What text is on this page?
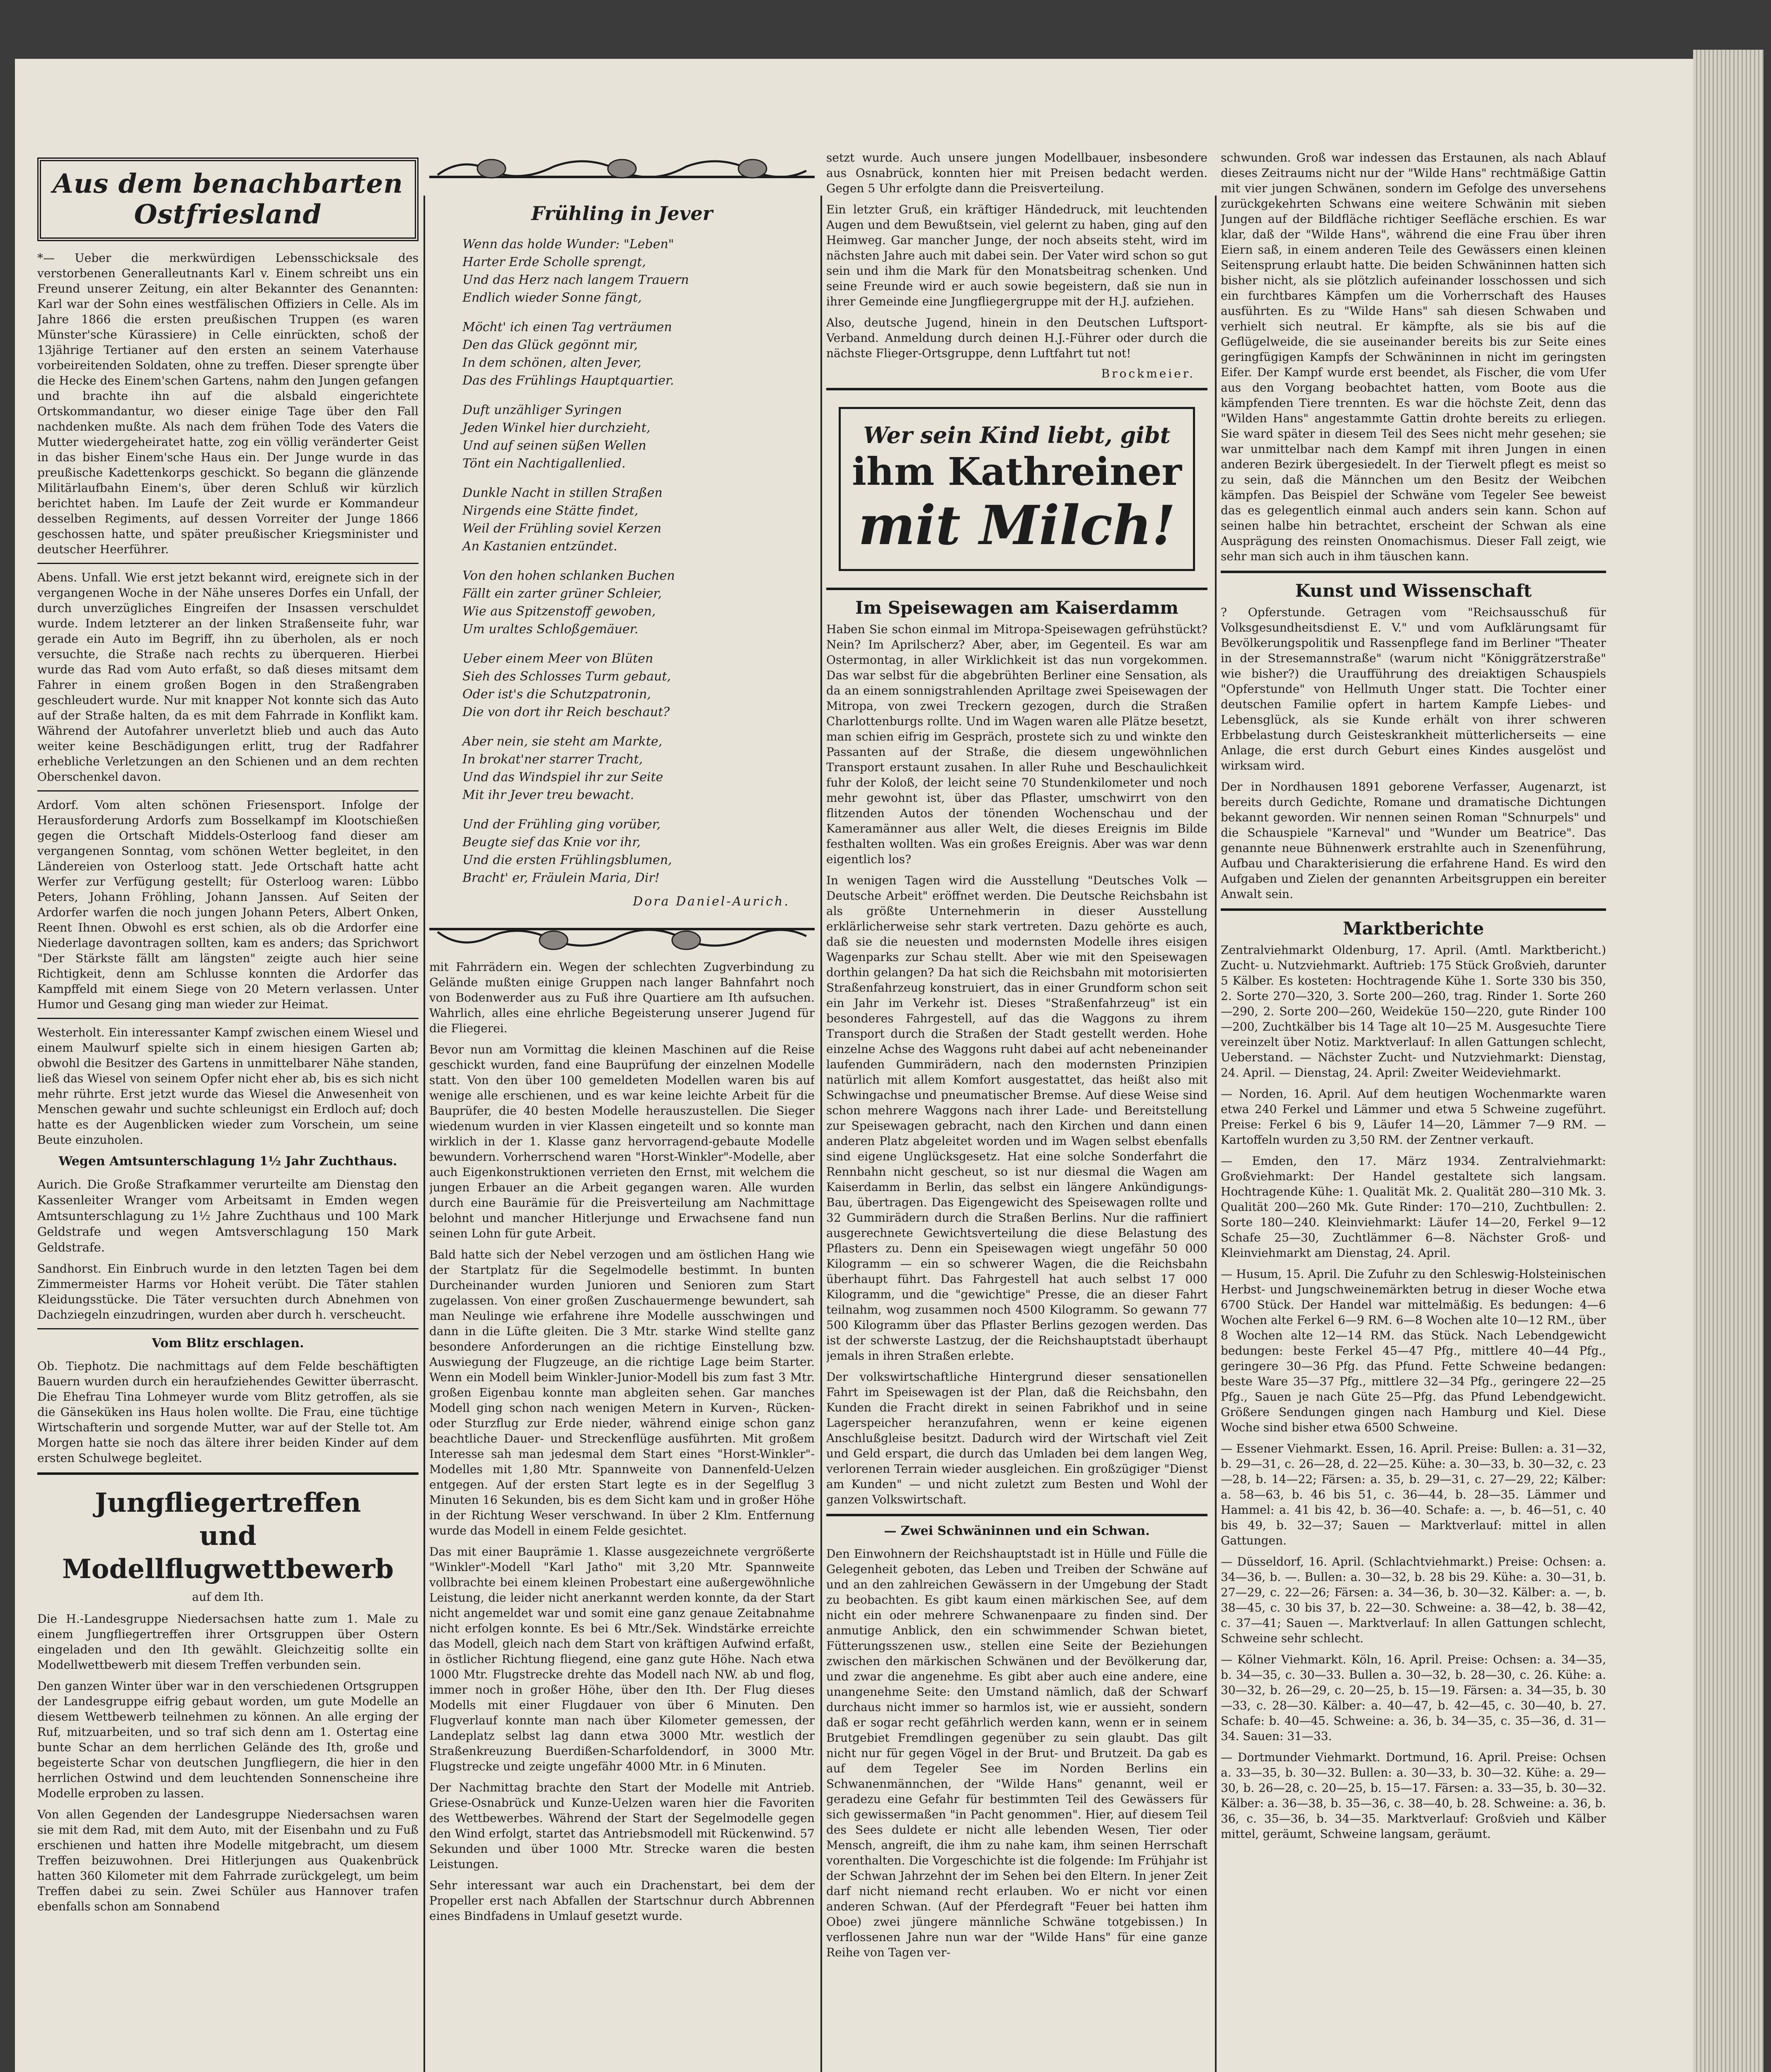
Aus dem benachbarten
Ostfriesland

*— Ueber die merkwürdigen Lebensschicksale des verstorbenen Generalleutnants Karl v. Einem schreibt uns ein Freund unserer Zeitung, ein alter Bekannter des Genannten: Karl war der Sohn eines westfälischen Offiziers in Celle. Als im Jahre 1866 die ersten preußischen Truppen (es waren Münster'sche Kürassiere) in Celle einrückten, schoß der 13jährige Tertianer auf den ersten an seinem Vaterhause vorbeireitenden Soldaten, ohne zu treffen. Dieser sprengte über die Hecke des Einem'schen Gartens, nahm den Jungen gefangen und brachte ihn auf die alsbald eingerichtete Ortskommandantur, wo dieser einige Tage über den Fall nachdenken mußte. Als nach dem frühen Tode des Vaters die Mutter wiedergeheiratet hatte, zog ein völlig veränderter Geist in das bisher Einem'sche Haus ein. Der Junge wurde in das preußische Kadettenkorps geschickt. So begann die glänzende Militärlaufbahn Einem's, über deren Schluß wir kürzlich berichtet haben. Im Laufe der Zeit wurde er Kommandeur desselben Regiments, auf dessen Vorreiter der Junge 1866 geschossen hatte, und später preußischer Kriegsminister und deutscher Heerführer.

Abens. Unfall. Wie erst jetzt bekannt wird, ereignete sich in der vergangenen Woche in der Nähe unseres Dorfes ein Unfall, der durch unverzügliches Eingreifen der Insassen verschuldet wurde. Indem letzterer an der linken Straßenseite fuhr, war gerade ein Auto im Begriff, ihn zu überholen, als er noch versuchte, die Straße nach rechts zu überqueren. Hierbei wurde das Rad vom Auto erfaßt, so daß dieses mitsamt dem Fahrer in einem großen Bogen in den Straßengraben geschleudert wurde. Nur mit knapper Not konnte sich das Auto auf der Straße halten, da es mit dem Fahrrade in Konflikt kam. Während der Autofahrer unverletzt blieb und auch das Auto weiter keine Beschädigungen erlitt, trug der Radfahrer erhebliche Verletzungen an den Schienen und an dem rechten Oberschenkel davon.

Ardorf. Vom alten schönen Friesensport. Infolge der Herausforderung Ardorfs zum Bosselkampf im Klootschießen gegen die Ortschaft Middels-Osterloog fand dieser am vergangenen Sonntag, vom schönen Wetter begleitet, in den Ländereien von Osterloog statt. Jede Ortschaft hatte acht Werfer zur Verfügung gestellt; für Osterloog waren: Lübbo Peters, Johann Fröhling, Johann Janssen. Auf Seiten der Ardorfer warfen die noch jungen Johann Peters, Albert Onken, Reent Ihnen. Obwohl es erst schien, als ob die Ardorfer eine Niederlage davontragen sollten, kam es anders; das Sprichwort "Der Stärkste fällt am längsten" zeigte auch hier seine Richtigkeit, denn am Schlusse konnten die Ardorfer das Kampffeld mit einem Siege von 20 Metern verlassen. Unter Humor und Gesang ging man wieder zur Heimat.

Westerholt. Ein interessanter Kampf zwischen einem Wiesel und einem Maulwurf spielte sich in einem hiesigen Garten ab; obwohl die Besitzer des Gartens in unmittelbarer Nähe standen, ließ das Wiesel von seinem Opfer nicht eher ab, bis es sich nicht mehr rührte. Erst jetzt wurde das Wiesel die Anwesenheit von Menschen gewahr und suchte schleunigst ein Erdloch auf; doch hatte es der Augenblicken wieder zum Vorschein, um seine Beute einzuholen.

Wegen Amtsunterschlagung 1½ Jahr Zuchthaus.

Aurich. Die Große Strafkammer verurteilte am Dienstag den Kassenleiter Wranger vom Arbeitsamt in Emden wegen Amtsunterschlagung zu 1½ Jahre Zuchthaus und 100 Mark Geldstrafe und wegen Amtsverschlagung 150 Mark Geldstrafe.

Sandhorst. Ein Einbruch wurde in den letzten Tagen bei dem Zimmermeister Harms vor Hoheit verübt. Die Täter stahlen Kleidungsstücke. Die Täter versuchten durch Abnehmen von Dachziegeln einzudringen, wurden aber durch h. verscheucht.

Vom Blitz erschlagen.

Ob. Tiephotz. Die nachmittags auf dem Felde beschäftigten Bauern wurden durch ein heraufziehendes Gewitter überrascht. Die Ehefrau Tina Lohmeyer wurde vom Blitz getroffen, als sie die Gänseküken ins Haus holen wollte. Die Frau, eine tüchtige Wirtschafterin und sorgende Mutter, war auf der Stelle tot. Am Morgen hatte sie noch das ältere ihrer beiden Kinder auf dem ersten Schulwege begleitet.

Jungfliegertreffen
und Modellflugwettbewerb
auf dem Ith.

Die H.-Landesgruppe Niedersachsen hatte zum 1. Male zu einem Jungfliegertreffen ihrer Ortsgruppen über Ostern eingeladen und den Ith gewählt. Gleichzeitig sollte ein Modellwettbewerb mit diesem Treffen verbunden sein.

Den ganzen Winter über war in den verschiedenen Ortsgruppen der Landesgruppe eifrig gebaut worden, um gute Modelle an diesem Wettbewerb teilnehmen zu können. An alle erging der Ruf, mitzuarbeiten, und so traf sich denn am 1. Ostertag eine bunte Schar an dem herrlichen Gelände des Ith, große und begeisterte Schar von deutschen Jungfliegern, die hier in den herrlichen Ostwind und dem leuchtenden Sonnenscheine ihre Modelle erproben zu lassen.

Von allen Gegenden der Landesgruppe Niedersachsen waren sie mit dem Rad, mit dem Auto, mit der Eisenbahn und zu Fuß erschienen und hatten ihre Modelle mitgebracht, um diesem Treffen beizuwohnen. Drei Hitlerjungen aus Quakenbrück hatten 360 Kilometer mit dem Fahrrade zurückgelegt, um beim Treffen dabei zu sein. Zwei Schüler aus Hannover trafen ebenfalls schon am Sonnabend

Frühling in Jever
Wenn das holde Wunder: "Leben"
Harter Erde Scholle sprengt,
Und das Herz nach langem Trauern
Endlich wieder Sonne fängt,
Möcht' ich einen Tag verträumen
Den das Glück gegönnt mir,
In dem schönen, alten Jever,
Das des Frühlings Hauptquartier.
Duft unzähliger Syringen
Jeden Winkel hier durchzieht,
Und auf seinen süßen Wellen
Tönt ein Nachtigallenlied.
Dunkle Nacht in stillen Straßen
Nirgends eine Stätte findet,
Weil der Frühling soviel Kerzen
An Kastanien entzündet.
Von den hohen schlanken Buchen
Fällt ein zarter grüner Schleier,
Wie aus Spitzenstoff gewoben,
Um uraltes Schloßgemäuer.
Ueber einem Meer von Blüten
Sieh des Schlosses Turm gebaut,
Oder ist's die Schutzpatronin,
Die von dort ihr Reich beschaut?
Aber nein, sie steht am Markte,
In brokat'ner starrer Tracht,
Und das Windspiel ihr zur Seite
Mit ihr Jever treu bewacht.
Und der Frühling ging vorüber,
Beugte sief das Knie vor ihr,
Und die ersten Frühlingsblumen,
Bracht' er, Fräulein Maria, Dir!
Dora Daniel-Aurich.

mit Fahrrädern ein. Wegen der schlechten Zugverbindung zu Gelände mußten einige Gruppen nach langer Bahnfahrt noch von Bodenwerder aus zu Fuß ihre Quartiere am Ith aufsuchen. Wahrlich, alles eine ehrliche Begeisterung unserer Jugend für die Fliegerei.

Bevor nun am Vormittag die kleinen Maschinen auf die Reise geschickt wurden, fand eine Bauprüfung der einzelnen Modelle statt. Von den über 100 gemeldeten Modellen waren bis auf wenige alle erschienen, und es war keine leichte Arbeit für die Bauprüfer, die 40 besten Modelle herauszustellen. Die Sieger wiedenum wurden in vier Klassen eingeteilt und so konnte man wirklich in der 1. Klasse ganz hervorragend-gebaute Modelle bewundern. Vorherrschend waren "Horst-Winkler"-Modelle, aber auch Eigenkonstruktionen verrieten den Ernst, mit welchem die jungen Erbauer an die Arbeit gegangen waren. Alle wurden durch eine Baurämie für die Preisverteilung am Nachmittage belohnt und mancher Hitlerjunge und Erwachsene fand nun seinen Lohn für gute Arbeit.

Bald hatte sich der Nebel verzogen und am östlichen Hang wie der Startplatz für die Segelmodelle bestimmt. In bunten Durcheinander wurden Junioren und Senioren zum Start zugelassen. Von einer großen Zuschauermenge bewundert, sah man Neulinge wie erfahrene ihre Modelle ausschwingen und dann in die Lüfte gleiten. Die 3 Mtr. starke Wind stellte ganz besondere Anforderungen an die richtige Einstellung bzw. Auswiegung der Flugzeuge, an die richtige Lage beim Starter. Wenn ein Modell beim Winkler-Junior-Modell bis zum fast 3 Mtr. großen Eigenbau konnte man abgleiten sehen. Gar manches Modell ging schon nach wenigen Metern in Kurven-, Rücken- oder Sturzflug zur Erde nieder, während einige schon ganz beachtliche Dauer- und Streckenflüge ausführten. Mit großem Interesse sah man jedesmal dem Start eines "Horst-Winkler"-Modelles mit 1,80 Mtr. Spannweite von Dannenfeld-Uelzen entgegen. Auf der ersten Start legte es in der Segelflug 3 Minuten 16 Sekunden, bis es dem Sicht kam und in großer Höhe in der Richtung Weser verschwand. In über 2 Klm. Entfernung wurde das Modell in einem Felde gesichtet.

Das mit einer Bauprämie 1. Klasse ausgezeichnete vergrößerte "Winkler"-Modell "Karl Jatho" mit 3,20 Mtr. Spannweite vollbrachte bei einem kleinen Probestart eine außergewöhnliche Leistung, die leider nicht anerkannt werden konnte, da der Start nicht angemeldet war und somit eine ganz genaue Zeitabnahme nicht erfolgen konnte. Es bei 6 Mtr./Sek. Windstärke erreichte das Modell, gleich nach dem Start von kräftigen Aufwind erfaßt, in östlicher Richtung fliegend, eine ganz gute Höhe. Nach etwa 1000 Mtr. Flugstrecke drehte das Modell nach NW. ab und flog, immer noch in großer Höhe, über den Ith. Der Flug dieses Modells mit einer Flugdauer von über 6 Minuten. Den Flugverlauf konnte man nach über Kilometer gemessen, der Landeplatz selbst lag dann etwa 3000 Mtr. westlich der Straßenkreuzung Buerdißen-Scharfoldendorf, in 3000 Mtr. Flugstrecke und zeigte ungefähr 4000 Mtr. in 6 Minuten.

Der Nachmittag brachte den Start der Modelle mit Antrieb. Griese-Osnabrück und Kunze-Uelzen waren hier die Favoriten des Wettbewerbes. Während der Start der Segelmodelle gegen den Wind erfolgt, startet das Antriebsmodell mit Rückenwind. 57 Sekunden und über 1000 Mtr. Strecke waren die besten Leistungen.

Sehr interessant war auch ein Drachenstart, bei dem der Propeller erst nach Abfallen der Startschnur durch Abbrennen eines Bindfadens in Umlauf gesetzt wurde.

setzt wurde. Auch unsere jungen Modellbauer, insbesondere aus Osnabrück, konnten hier mit Preisen bedacht werden. Gegen 5 Uhr erfolgte dann die Preisverteilung.

Ein letzter Gruß, ein kräftiger Händedruck, mit leuchtenden Augen und dem Bewußtsein, viel gelernt zu haben, ging auf den Heimweg. Gar mancher Junge, der noch abseits steht, wird im nächsten Jahre auch mit dabei sein. Der Vater wird schon so gut sein und ihm die Mark für den Monatsbeitrag schenken. Und seine Freunde wird er auch sowie begeistern, daß sie nun in ihrer Gemeinde eine Jungfliegergruppe mit der H.J. aufziehen.

Also, deutsche Jugend, hinein in den Deutschen Luftsport-Verband. Anmeldung durch deinen H.J.-Führer oder durch die nächste Flieger-Ortsgruppe, denn Luftfahrt tut not!

Brockmeier.
Wer sein Kind liebt, gibt
ihm Kathreiner
mit Milch!
Im Speisewagen am Kaiserdamm

Haben Sie schon einmal im Mitropa-Speisewagen gefrühstückt? Nein? Im Aprilscherz? Aber, aber, im Gegenteil. Es war am Ostermontag, in aller Wirklichkeit ist das nun vorgekommen. Das war selbst für die abgebrühten Berliner eine Sensation, als da an einem sonnigstrahlenden Apriltage zwei Speisewagen der Mitropa, von zwei Treckern gezogen, durch die Straßen Charlottenburgs rollte. Und im Wagen waren alle Plätze besetzt, man schien eifrig im Gespräch, prostete sich zu und winkte den Passanten auf der Straße, die diesem ungewöhnlichen Transport erstaunt zusahen. In aller Ruhe und Beschaulichkeit fuhr der Koloß, der leicht seine 70 Stundenkilometer und noch mehr gewohnt ist, über das Pflaster, umschwirrt von den flitzenden Autos der tönenden Wochenschau und der Kameramänner aus aller Welt, die dieses Ereignis im Bilde festhalten wollten. Was ein großes Ereignis. Aber was war denn eigentlich los?

In wenigen Tagen wird die Ausstellung "Deutsches Volk — Deutsche Arbeit" eröffnet werden. Die Deutsche Reichsbahn ist als größte Unternehmerin in dieser Ausstellung erklärlicherweise sehr stark vertreten. Dazu gehörte es auch, daß sie die neuesten und modernsten Modelle ihres eisigen Wagenparks zur Schau stellt. Aber wie mit den Speisewagen dorthin gelangen? Da hat sich die Reichsbahn mit motorisierten Straßenfahrzeug konstruiert, das in einer Grundform schon seit ein Jahr im Verkehr ist. Dieses "Straßenfahrzeug" ist ein besonderes Fahrgestell, auf das die Waggons zu ihrem Transport durch die Straßen der Stadt gestellt werden. Hohe einzelne Achse des Waggons ruht dabei auf acht nebeneinander laufenden Gummirädern, nach den modernsten Prinzipien natürlich mit allem Komfort ausgestattet, das heißt also mit Schwingachse und pneumatischer Bremse. Auf diese Weise sind schon mehrere Waggons nach ihrer Lade- und Bereitstellung zur Speisewagen gebracht, nach den Kirchen und dann einen anderen Platz abgeleitet worden und im Wagen selbst ebenfalls sind eigene Unglücksgesetz. Hat eine solche Sonderfahrt die Rennbahn nicht gescheut, so ist nur diesmal die Wagen am Kaiserdamm in Berlin, das selbst ein längere Ankündigungs-Bau, übertragen. Das Eigengewicht des Speisewagen rollte und 32 Gummirädern durch die Straßen Berlins. Nur die raffiniert ausgerechnete Gewichtsverteilung die diese Belastung des Pflasters zu. Denn ein Speisewagen wiegt ungefähr 50 000 Kilogramm — ein so schwerer Wagen, die die Reichsbahn überhaupt führt. Das Fahrgestell hat auch selbst 17 000 Kilogramm, und die "gewichtige" Presse, die an dieser Fahrt teilnahm, wog zusammen noch 4500 Kilogramm. So gewann 77 500 Kilogramm über das Pflaster Berlins gezogen werden. Das ist der schwerste Lastzug, der die Reichshauptstadt überhaupt jemals in ihren Straßen erlebte.

Der volkswirtschaftliche Hintergrund dieser sensationellen Fahrt im Speisewagen ist der Plan, daß die Reichsbahn, den Kunden die Fracht direkt in seinen Fabrikhof und in seine Lagerspeicher heranzufahren, wenn er keine eigenen Anschlußgleise besitzt. Dadurch wird der Wirtschaft viel Zeit und Geld erspart, die durch das Umladen bei dem langen Weg, verlorenen Terrain wieder ausgleichen. Ein großzügiger "Dienst am Kunden" — und nicht zuletzt zum Besten und Wohl der ganzen Volkswirtschaft.

— Zwei Schwäninnen und ein Schwan.

Den Einwohnern der Reichshauptstadt ist in Hülle und Fülle die Gelegenheit geboten, das Leben und Treiben der Schwäne auf und an den zahlreichen Gewässern in der Umgebung der Stadt zu beobachten. Es gibt kaum einen märkischen See, auf dem nicht ein oder mehrere Schwanenpaare zu finden sind. Der anmutige Anblick, den ein schwimmender Schwan bietet, Fütterungsszenen usw., stellen eine Seite der Beziehungen zwischen den märkischen Schwänen und der Bevölkerung dar, und zwar die angenehme. Es gibt aber auch eine andere, eine unangenehme Seite: den Umstand nämlich, daß der Schwarf durchaus nicht immer so harmlos ist, wie er aussieht, sondern daß er sogar recht gefährlich werden kann, wenn er in seinem Brutgebiet Fremdlingen gegenüber zu sein glaubt. Das gilt nicht nur für gegen Vögel in der Brut- und Brutzeit. Da gab es auf dem Tegeler See im Norden Berlins ein Schwanenmännchen, der "Wilde Hans" genannt, weil er geradezu eine Gefahr für bestimmten Teil des Gewässers für sich gewissermaßen "in Pacht genommen". Hier, auf diesem Teil des Sees duldete er nicht alle lebenden Wesen, Tier oder Mensch, angreift, die ihm zu nahe kam, ihm seinen Herrschaft vorenthalten. Die Vorgeschichte ist die folgende: Im Frühjahr ist der Schwan Jahrzehnt der im Sehen bei den Eltern. In jener Zeit darf nicht niemand recht erlauben. Wo er nicht vor einen anderen Schwan. (Auf der Pferdegraft "Feuer bei hatten ihm Oboe) zwei jüngere männliche Schwäne totgebissen.) In verflossenen Jahre nun war der "Wilde Hans" für eine ganze Reihe von Tagen ver-

schwunden. Groß war indessen das Erstaunen, als nach Ablauf dieses Zeitraums nicht nur der "Wilde Hans" rechtmäßige Gattin mit vier jungen Schwänen, sondern im Gefolge des unversehens zurückgekehrten Schwans eine weitere Schwänin mit sieben Jungen auf der Bildfläche richtiger Seefläche erschien. Es war klar, daß der "Wilde Hans", während die eine Frau über ihren Eiern saß, in einem anderen Teile des Gewässers einen kleinen Seitensprung erlaubt hatte. Die beiden Schwäninnen hatten sich bisher nicht, als sie plötzlich aufeinander losschossen und sich ein furchtbares Kämpfen um die Vorherrschaft des Hauses ausführten. Es zu "Wilde Hans" sah diesen Schwaben und verhielt sich neutral. Er kämpfte, als sie bis auf die Geflügelweide, die sie auseinander bereits bis zur Seite eines geringfügigen Kampfs der Schwäninnen in nicht im geringsten Eifer. Der Kampf wurde erst beendet, als Fischer, die vom Ufer aus den Vorgang beobachtet hatten, vom Boote aus die kämpfenden Tiere trennten. Es war die höchste Zeit, denn das "Wilden Hans" angestammte Gattin drohte bereits zu erliegen. Sie ward später in diesem Teil des Sees nicht mehr gesehen; sie war unmittelbar nach dem Kampf mit ihren Jungen in einen anderen Bezirk übergesiedelt. In der Tierwelt pflegt es meist so zu sein, daß die Männchen um den Besitz der Weibchen kämpfen. Das Beispiel der Schwäne vom Tegeler See beweist das es gelegentlich einmal auch anders sein kann. Schon auf seinen halbe hin betrachtet, erscheint der Schwan als eine Ausprägung des reinsten Onomachismus. Dieser Fall zeigt, wie sehr man sich auch in ihm täuschen kann.

Kunst und Wissenschaft

? Opferstunde. Getragen vom "Reichsausschuß für Volksgesundheitsdienst E. V." und vom Aufklärungsamt für Bevölkerungspolitik und Rassenpflege fand im Berliner "Theater in der Stresemannstraße" (warum nicht "Königgrätzerstraße" wie bisher?) die Uraufführung des dreiaktigen Schauspiels "Opferstunde" von Hellmuth Unger statt. Die Tochter einer deutschen Familie opfert in hartem Kampfe Liebes- und Lebensglück, als sie Kunde erhält von ihrer schweren Erbbelastung durch Geisteskrankheit mütterlicherseits — eine Anlage, die erst durch Geburt eines Kindes ausgelöst und wirksam wird.

Der in Nordhausen 1891 geborene Verfasser, Augenarzt, ist bereits durch Gedichte, Romane und dramatische Dichtungen bekannt geworden. Wir nennen seinen Roman "Schnurpels" und die Schauspiele "Karneval" und "Wunder um Beatrice". Das genannte neue Bühnenwerk erstrahlte auch in Szenenführung, Aufbau und Charakterisierung die erfahrene Hand. Es wird den Aufgaben und Zielen der genannten Arbeitsgruppen ein bereiter Anwalt sein.

Marktberichte

Zentralviehmarkt Oldenburg, 17. April. (Amtl. Marktbericht.) Zucht- u. Nutzviehmarkt. Auftrieb: 175 Stück Großvieh, darunter 5 Kälber. Es kosteten: Hochtragende Kühe 1. Sorte 330 bis 350, 2. Sorte 270—320, 3. Sorte 200—260, trag. Rinder 1. Sorte 260—290, 2. Sorte 200—260, Weideküe 150—220, gute Rinder 100—200, Zuchtkälber bis 14 Tage alt 10—25 M. Ausgesuchte Tiere vereinzelt über Notiz. Marktverlauf: In allen Gattungen schlecht, Ueberstand. — Nächster Zucht- und Nutzviehmarkt: Dienstag, 24. April. — Dienstag, 24. April: Zweiter Weideviehmarkt.

— Norden, 16. April. Auf dem heutigen Wochenmarkte waren etwa 240 Ferkel und Lämmer und etwa 5 Schweine zugeführt. Preise: Ferkel 6 bis 9, Läufer 14—20, Lämmer 7—9 RM. — Kartoffeln wurden zu 3,50 RM. der Zentner verkauft.

— Emden, den 17. März 1934. Zentralviehmarkt: Großviehmarkt: Der Handel gestaltete sich langsam. Hochtragende Kühe: 1. Qualität Mk. 2. Qualität 280—310 Mk. 3. Qualität 200—260 Mk. Gute Rinder: 170—210, Zuchtbullen: 2. Sorte 180—240. Kleinviehmarkt: Läufer 14—20, Ferkel 9—12 Schafe 25—30, Zuchtlämmer 6—8. Nächster Groß- und Kleinviehmarkt am Dienstag, 24. April.

— Husum, 15. April. Die Zufuhr zu den Schleswig-Holsteinischen Herbst- und Jungschweinemärkten betrug in dieser Woche etwa 6700 Stück. Der Handel war mittelmäßig. Es bedungen: 4—6 Wochen alte Ferkel 6—9 RM. 6—8 Wochen alte 10—12 RM., über 8 Wochen alte 12—14 RM. das Stück. Nach Lebendgewicht bedungen: beste Ferkel 45—47 Pfg., mittlere 40—44 Pfg., geringere 30—36 Pfg. das Pfund. Fette Schweine bedangen: beste Ware 35—37 Pfg., mittlere 32—34 Pfg., geringere 22—25 Pfg., Sauen je nach Güte 25—Pfg. das Pfund Lebendgewicht. Größere Sendungen gingen nach Hamburg und Kiel. Diese Woche sind bisher etwa 6500 Schweine.

— Essener Viehmarkt. Essen, 16. April. Preise: Bullen: a. 31—32, b. 29—31, c. 26—28, d. 22—25. Kühe: a. 30—33, b. 30—32, c. 23—28, b. 14—22; Färsen: a. 35, b. 29—31, c. 27—29, 22; Kälber: a. 58—63, b. 46 bis 51, c. 36—44, b. 28—35. Lämmer und Hammel: a. 41 bis 42, b. 36—40. Schafe: a. —, b. 46—51, c. 40 bis 49, b. 32—37; Sauen — Marktverlauf: mittel in allen Gattungen.

— Düsseldorf, 16. April. (Schlachtviehmarkt.) Preise: Ochsen: a. 34—36, b. —. Bullen: a. 30—32, b. 28 bis 29. Kühe: a. 30—31, b. 27—29, c. 22—26; Färsen: a. 34—36, b. 30—32. Kälber: a. —, b. 38—45, c. 30 bis 37, b. 22—30. Schweine: a. 38—42, b. 38—42, c. 37—41; Sauen —. Marktverlauf: In allen Gattungen schlecht, Schweine sehr schlecht.

— Kölner Viehmarkt. Köln, 16. April. Preise: Ochsen: a. 34—35, b. 34—35, c. 30—33. Bullen a. 30—32, b. 28—30, c. 26. Kühe: a. 30—32, b. 26—29, c. 20—25, b. 15—19. Färsen: a. 34—35, b. 30—33, c. 28—30. Kälber: a. 40—47, b. 42—45, c. 30—40, b. 27. Schafe: b. 40—45. Schweine: a. 36, b. 34—35, c. 35—36, d. 31—34. Sauen: 31—33.

— Dortmunder Viehmarkt. Dortmund, 16. April. Preise: Ochsen a. 33—35, b. 30—32. Bullen: a. 30—33, b. 30—32. Kühe: a. 29—30, b. 26—28, c. 20—25, b. 15—17. Färsen: a. 33—35, b. 30—32. Kälber: a. 36—38, b. 35—36, c. 38—40, b. 28. Schweine: a. 36, b. 36, c. 35—36, b. 34—35. Marktverlauf: Großvieh und Kälber mittel, geräumt, Schweine langsam, geräumt.
